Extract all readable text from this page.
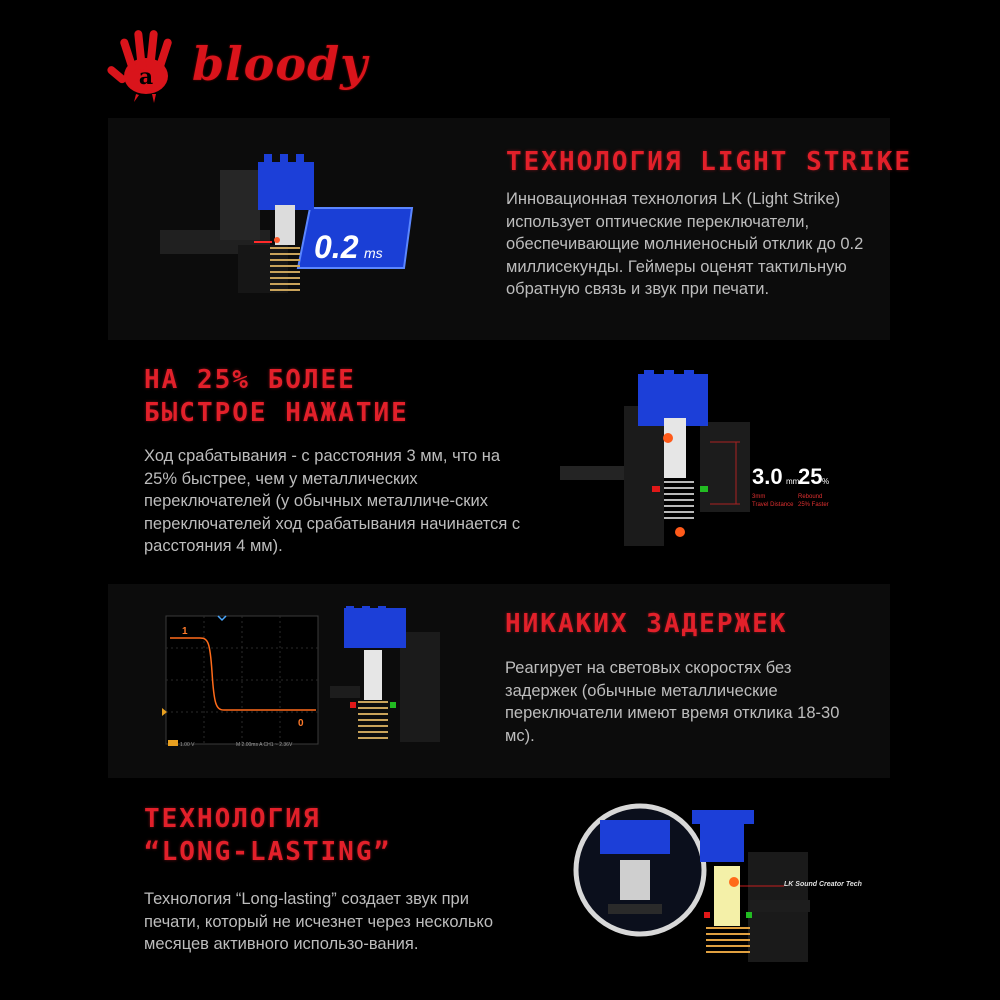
a bloody
ТЕХНОЛОГИЯ LIGHT STRIKE
Инновационная технология LK (Light Strike) использует оптические переключатели, обеспечивающие молниеносный отклик до 0.2 миллисекунды. Геймеры оценят тактильную обратную связь и звук при печати.
0.2 ms
НА 25% БОЛЕЕ
БЫСТРОЕ НАЖАТИЕ
Ход срабатывания - с расстояния 3 мм, что на 25% быстрее, чем у металлических переключателей (у обычных металличе-ских переключателей ход срабатывания начинается с расстояния 4 мм).
3.0 mm
25 %
3mm
Travel Distance
Rebound
25% Faster
НИКАКИХ ЗАДЕРЖЕК
Реагирует на световых скоростях без задержек (обычные металлические переключатели имеют время отклика 18-30 мс).
1
0
1.00 V	M 2.00ms A CH1 ~ 2.36V
ТЕХНОЛОГИЯ
“LONG-LASTING”
Технология “Long-lasting” создает звук при печати, который не исчезнет через несколько месяцев активного использо-вания.
LK Sound Creator Tech
